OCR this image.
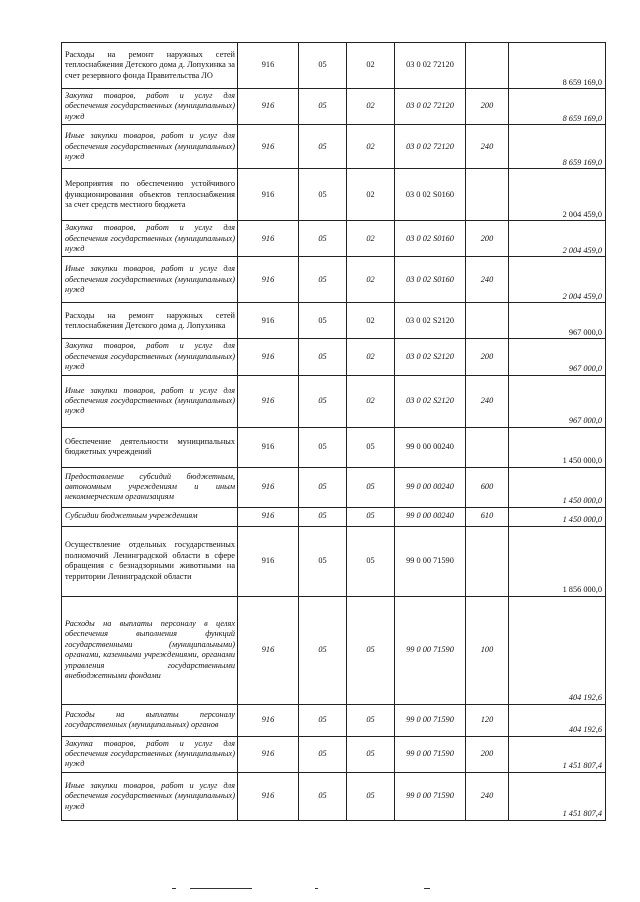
Расходы на ремонт наружных сетей теплоснабжения Детского дома д. Лопухинка за счет резервного фонда Правительства ЛО	916	05	02	03 0 02 72120		8 659 169,0
Закупка товаров, работ и услуг для обеспечения государственных (муниципальных) нужд	916	05	02	03 0 02 72120	200	8 659 169,0
Иные закупки товаров, работ и услуг для обеспечения государственных (муниципальных) нужд	916	05	02	03 0 02 72120	240	8 659 169,0
Мероприятия по обеспечению устойчивого функционирования объектов теплоснабжения за счет средств местного бюджета	916	05	02	03 0 02 S0160		2 004 459,0
Закупка товаров, работ и услуг для обеспечения государственных (муниципальных) нужд	916	05	02	03 0 02 S0160	200	2 004 459,0
Иные закупки товаров, работ и услуг для обеспечения государственных (муниципальных) нужд	916	05	02	03 0 02 S0160	240	2 004 459,0
Расходы на ремонт наружных сетей теплоснабжения Детского дома д. Лопухинка	916	05	02	03 0 02 S2120		967 000,0
Закупка товаров, работ и услуг для обеспечения государственных (муниципальных) нужд	916	05	02	03 0 02 S2120	200	967 000,0
Иные закупки товаров, работ и услуг для обеспечения государственных (муниципальных) нужд	916	05	02	03 0 02 S2120	240	967 000,0
Обеспечение деятельности муниципальных бюджетных учреждений	916	05	05	99 0 00 00240		1 450 000,0
Предоставление субсидий бюджетным, автономным учреждениям и иным некоммерческим организациям	916	05	05	99 0 00 00240	600	1 450 000,0
Субсидии бюджетным учреждениям	916	05	05	99 0 00 00240	610	1 450 000,0
Осуществление отдельных государственных полномочий Ленинградской области в сфере обращения с безнадзорными животными на территории Ленинградской области	916	05	05	99 0 00 71590		1 856 000,0
Расходы на выплаты персоналу в целях обеспечения выполнения функций государственными (муниципальными) органами, казенными учреждениями, органами управления государственными внебюджетными фондами	916	05	05	99 0 00 71590	100	404 192,6
Расходы на выплаты персоналу государственных (муниципальных) органов	916	05	05	99 0 00 71590	120	404 192,6
Закупка товаров, работ и услуг для обеспечения государственных (муниципальных) нужд	916	05	05	99 0 00 71590	200	1 451 807,4
Иные закупки товаров, работ и услуг для обеспечения государственных (муниципальных) нужд	916	05	05	99 0 00 71590	240	1 451 807,4
